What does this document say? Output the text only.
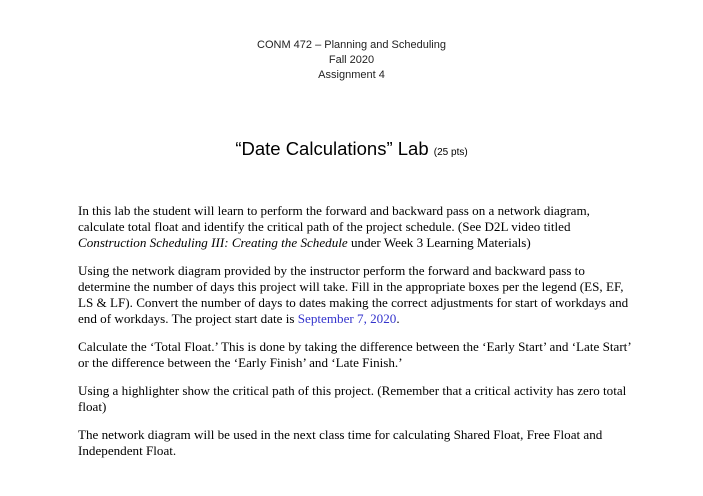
CONM 472 – Planning and Scheduling
Fall 2020
Assignment 4
“Date Calculations” Lab (25 pts)

In this lab the student will learn to perform the forward and backward pass on a network diagram, calculate total float and identify the critical path of the project schedule. (See D2L video titled Construction Scheduling III: Creating the Schedule under Week 3 Learning Materials)

Using the network diagram provided by the instructor perform the forward and backward pass to determine the number of days this project will take. Fill in the appropriate boxes per the legend (ES, EF, LS & LF). Convert the number of days to dates making the correct adjustments for start of workdays and end of workdays. The project start date is September 7, 2020.

Calculate the ‘Total Float.’ This is done by taking the difference between the ‘Early Start’ and ‘Late Start’ or the difference between the ‘Early Finish’ and ‘Late Finish.’

Using a highlighter show the critical path of this project. (Remember that a critical activity has zero total float)

The network diagram will be used in the next class time for calculating Shared Float, Free Float and Independent Float.
